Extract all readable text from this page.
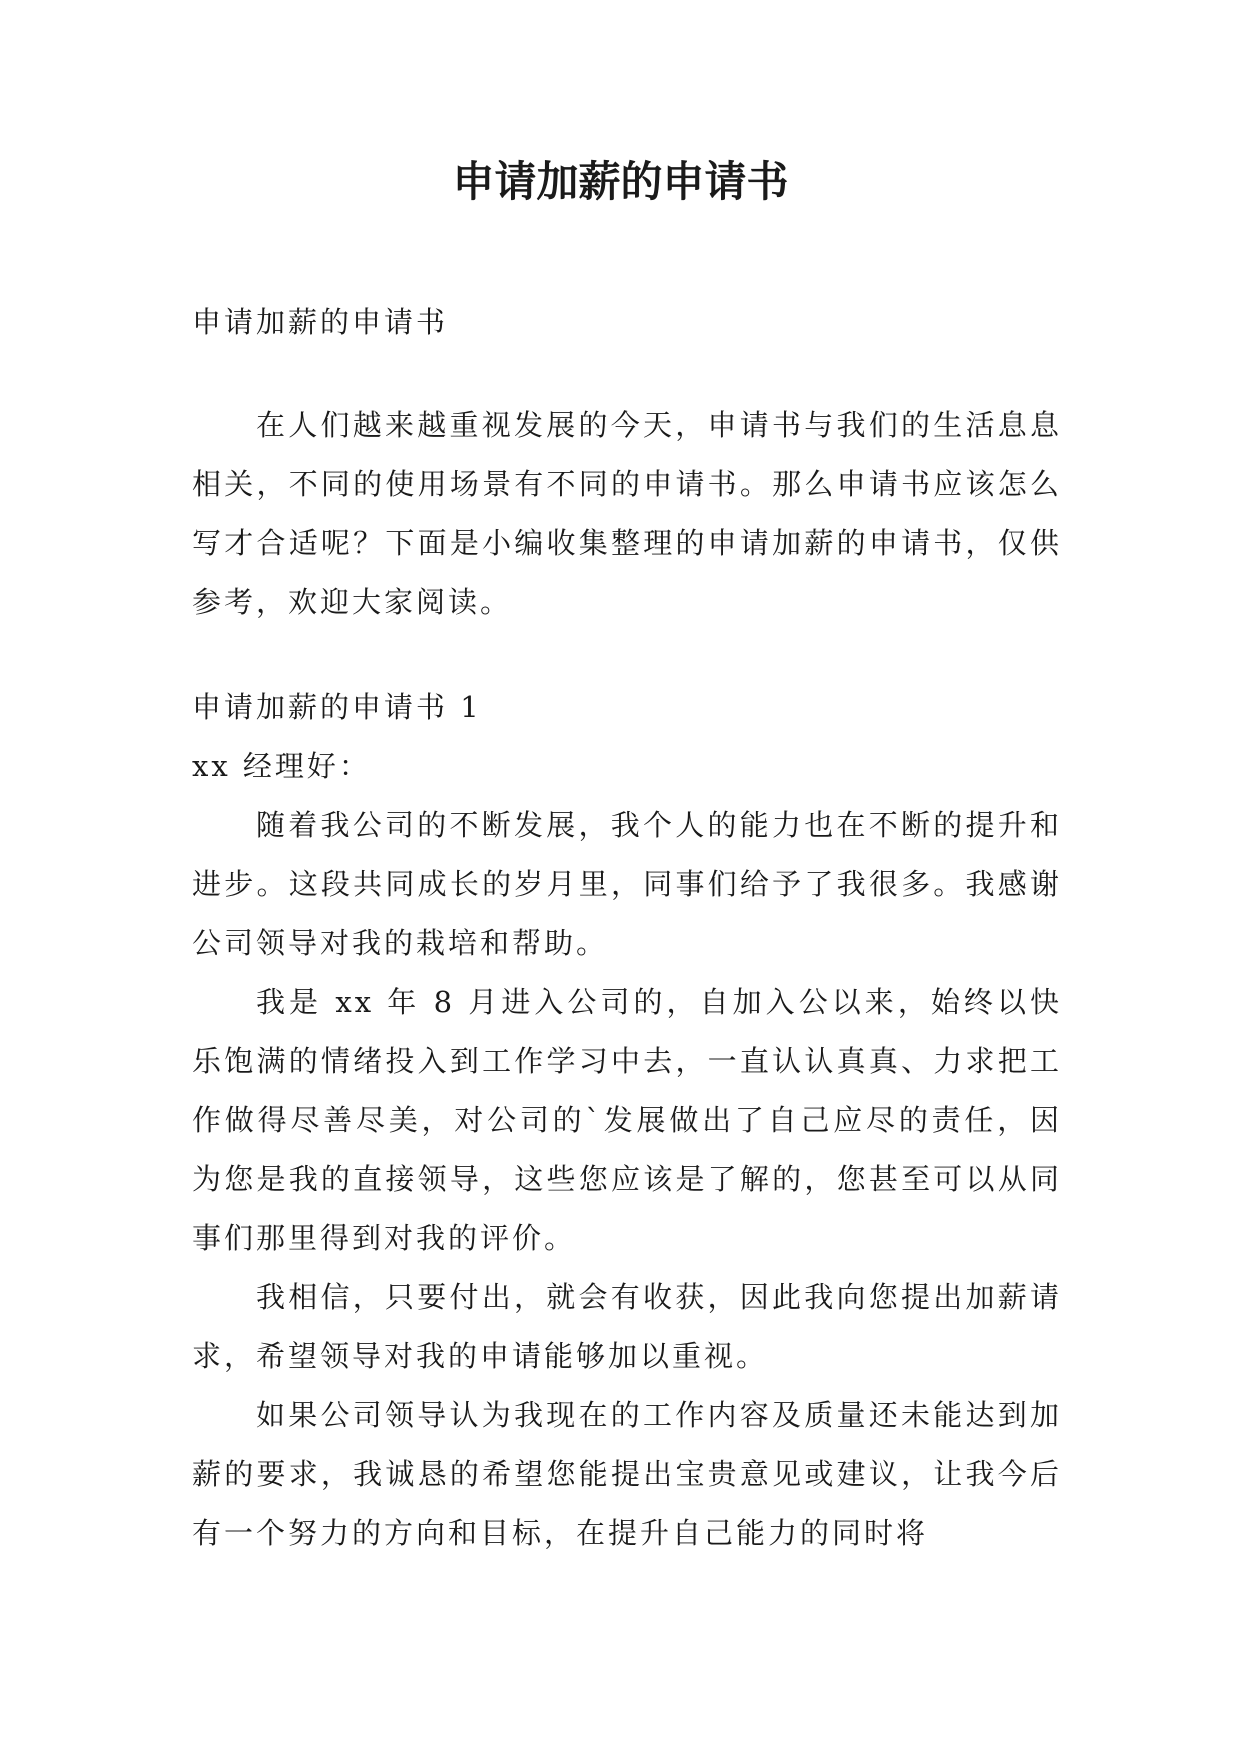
申请加薪的申请书

申请加薪的申请书

在人们越来越重视发展的今天，申请书与我们的生活息息相关，不同的使用场景有不同的申请书。那么申请书应该怎么写才合适呢？下面是小编收集整理的申请加薪的申请书，仅供参考，欢迎大家阅读。

申请加薪的申请书 1

xx 经理好：

随着我公司的不断发展，我个人的能力也在不断的提升和进步。这段共同成长的岁月里，同事们给予了我很多。我感谢公司领导对我的栽培和帮助。

我是 xx 年 8 月进入公司的，自加入公以来，始终以快乐饱满的情绪投入到工作学习中去，一直认认真真、力求把工作做得尽善尽美，对公司的`发展做出了自己应尽的责任，因为您是我的直接领导，这些您应该是了解的，您甚至可以从同事们那里得到对我的评价。

我相信，只要付出，就会有收获，因此我向您提出加薪请求，希望领导对我的申请能够加以重视。

如果公司领导认为我现在的工作内容及质量还未能达到加薪的要求，我诚恳的希望您能提出宝贵意见或建议，让我今后有一个努力的方向和目标，在提升自己能力的同时将
